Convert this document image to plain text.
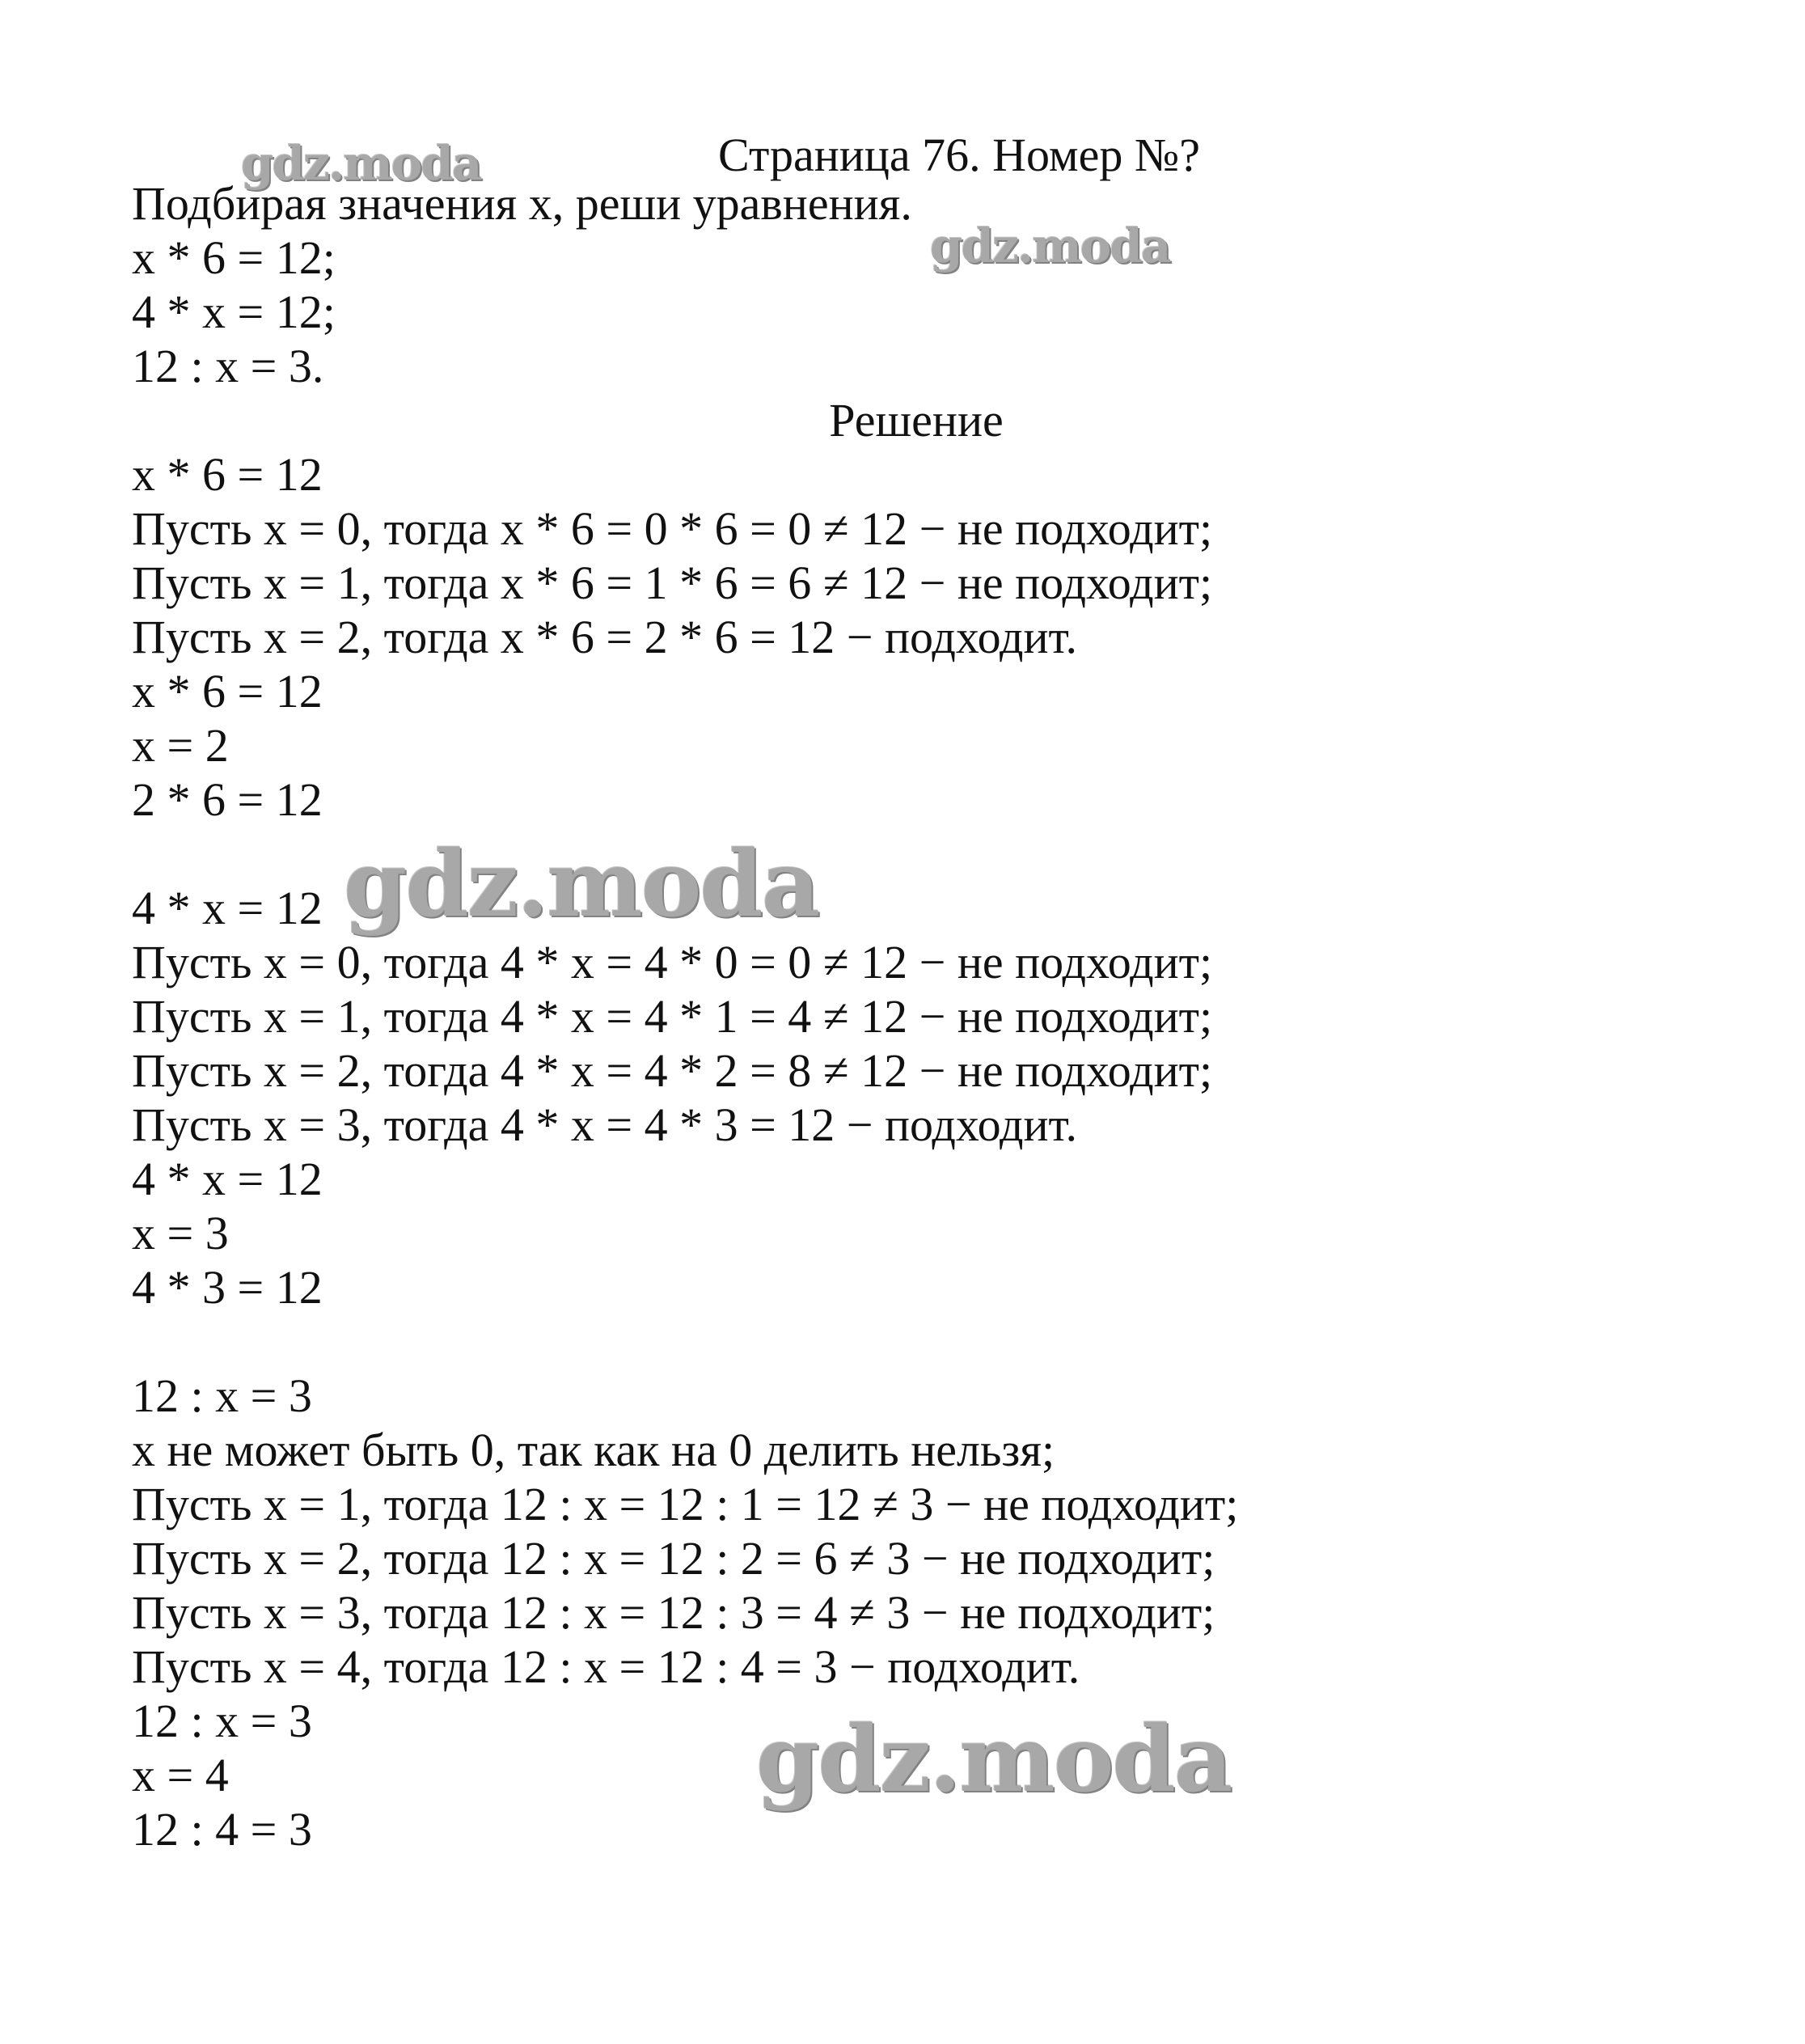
Страница 76. Номер №?
Подбирая значения x, реши уравнения.
x * 6 = 12;
4 * x = 12;
12 : x = 3.
Решение
x * 6 = 12
Пусть x = 0, тогда x * 6 = 0 * 6 = 0 ≠ 12 − не подходит;
Пусть x = 1, тогда x * 6 = 1 * 6 = 6 ≠ 12 − не подходит;
Пусть x = 2, тогда x * 6 = 2 * 6 = 12 − подходит.
x * 6 = 12
x = 2
2 * 6 = 12
4 * x = 12
Пусть x = 0, тогда 4 * x = 4 * 0 = 0 ≠ 12 − не подходит;
Пусть x = 1, тогда 4 * x = 4 * 1 = 4 ≠ 12 − не подходит;
Пусть x = 2, тогда 4 * x = 4 * 2 = 8 ≠ 12 − не подходит;
Пусть x = 3, тогда 4 * x = 4 * 3 = 12 − подходит.
4 * x = 12
x = 3
4 * 3 = 12
12 : x = 3
x не может быть 0, так как на 0 делить нельзя;
Пусть x = 1, тогда 12 : x = 12 : 1 = 12 ≠ 3 − не подходит;
Пусть x = 2, тогда 12 : x = 12 : 2 = 6 ≠ 3 − не подходит;
Пусть x = 3, тогда 12 : x = 12 : 3 = 4 ≠ 3 − не подходит;
Пусть x = 4, тогда 12 : x = 12 : 4 = 3 − подходит.
12 : x = 3
x = 4
12 : 4 = 3
gdz.moda
gdz.moda
gdz.moda
gdz.moda
